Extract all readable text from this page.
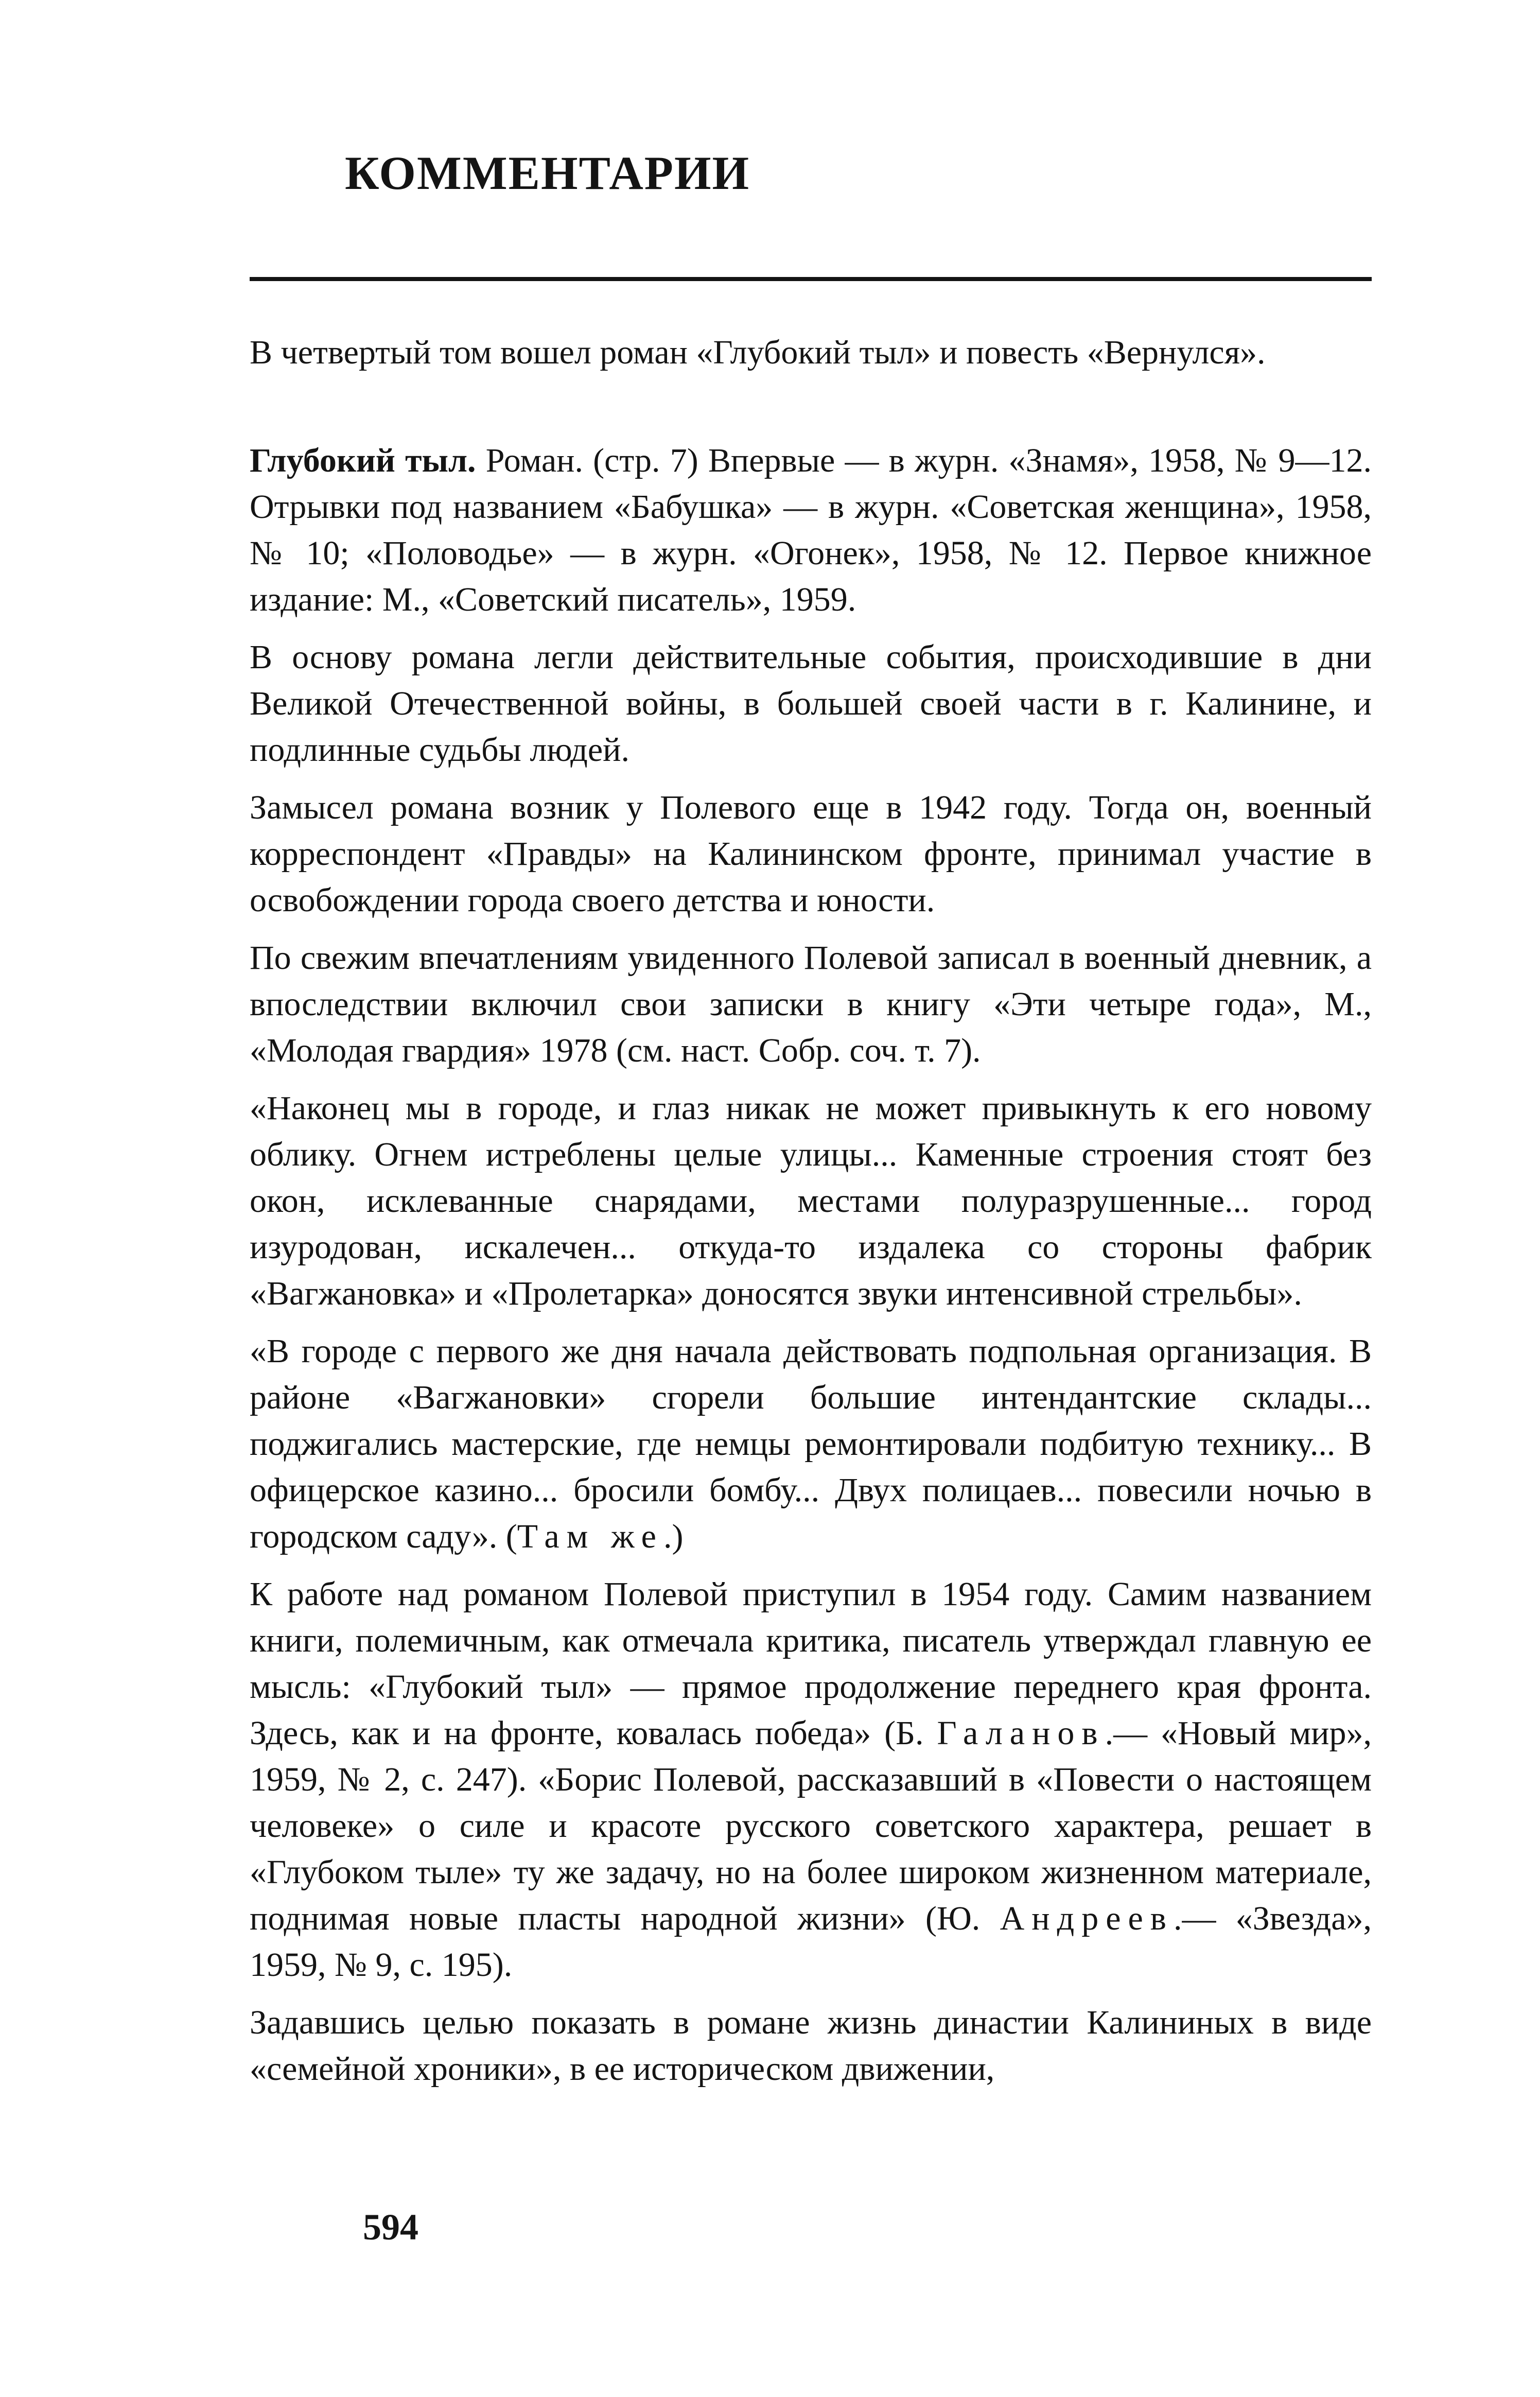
КОММЕНТАРИИ

В четвертый том вошел роман «Глубокий тыл» и повесть «Вернулся».

Глубокий тыл. Роман. (стр. 7) Впервые — в журн. «Знамя», 1958, № 9—12. Отрывки под названием «Бабушка» — в журн. «Советская женщина», 1958, № 10; «Половодье» — в журн. «Огонек», 1958, № 12. Первое книжное издание: М., «Советский писатель», 1959.

В основу романа легли действительные события, происходившие в дни Великой Отечественной войны, в большей своей части в г. Калинине, и подлинные судьбы людей.

Замысел романа возник у Полевого еще в 1942 году. Тогда он, военный корреспондент «Правды» на Калининском фронте, принимал участие в освобождении города своего детства и юности.

По свежим впечатлениям увиденного Полевой записал в военный дневник, а впоследствии включил свои записки в книгу «Эти четыре года», М., «Молодая гвардия» 1978 (см. наст. Собр. соч. т. 7).

«Наконец мы в городе, и глаз никак не может привыкнуть к его новому облику. Огнем истреблены целые улицы... Каменные строения стоят без окон, исклеванные снарядами, местами полуразрушенные... город изуродован, искалечен... откуда-то издалека со стороны фабрик «Вагжановка» и «Пролетарка» доносятся звуки интенсивной стрельбы».

«В городе с первого же дня начала действовать подпольная организация. В районе «Вагжановки» сгорели большие интендантские склады... поджигались мастерские, где немцы ремонтировали подбитую технику... В офицерское казино... бросили бомбу... Двух полицаев... повесили ночью в городском саду». (Там же.)

К работе над романом Полевой приступил в 1954 году. Самим названием книги, полемичным, как отмечала критика, писатель утверждал главную ее мысль: «Глубокий тыл» — прямое продолжение переднего края фронта. Здесь, как и на фронте, ковалась победа» (Б. Галанов.— «Новый мир», 1959, № 2, с. 247). «Борис Полевой, рассказавший в «Повести о настоящем человеке» о силе и красоте русского советского характера, решает в «Глубоком тыле» ту же задачу, но на более широком жизненном материале, поднимая новые пласты народной жизни» (Ю. Андреев.— «Звезда», 1959, № 9, с. 195).

Задавшись целью показать в романе жизнь династии Калининых в виде «семейной хроники», в ее историческом движении,

594
